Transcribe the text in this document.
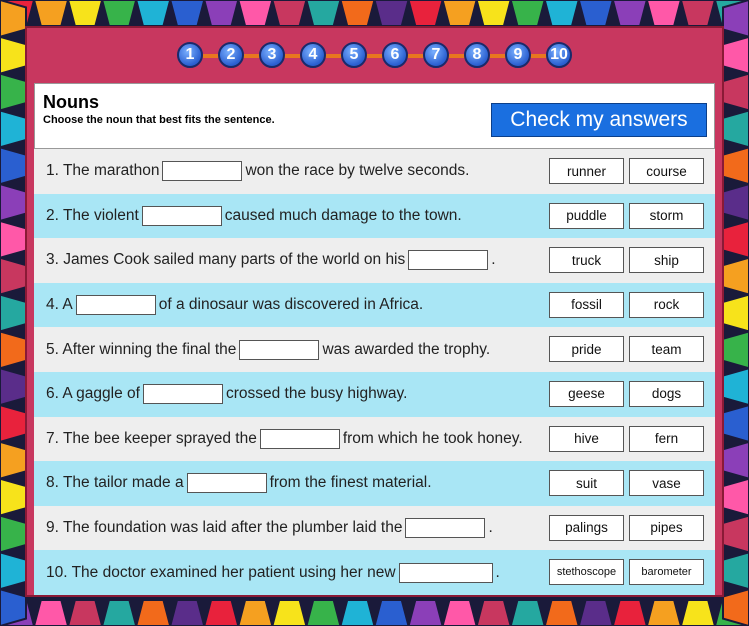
1	2	3	4	5	6	7	8	9	10
Nouns
Choose the noun that best fits the sentence.	Check my answers
1. The marathon	won the race by twelve seconds.	runner	course
2. The violent	caused much damage to the town.	puddle	storm
3. James Cook sailed many parts of the world on his	.	truck	ship
4. A	of a dinosaur was discovered in Africa.	fossil	rock
5. After winning the final the	was awarded the trophy.	pride	team
6. A gaggle of	crossed the busy highway.	geese	dogs
7. The bee keeper sprayed the	from which he took honey.	hive	fern
8. The tailor made a	from the finest material.	suit	vase
9. The foundation was laid after the plumber laid the	.	palings	pipes
10. The doctor examined her patient using her new	.	stethoscope	barometer
